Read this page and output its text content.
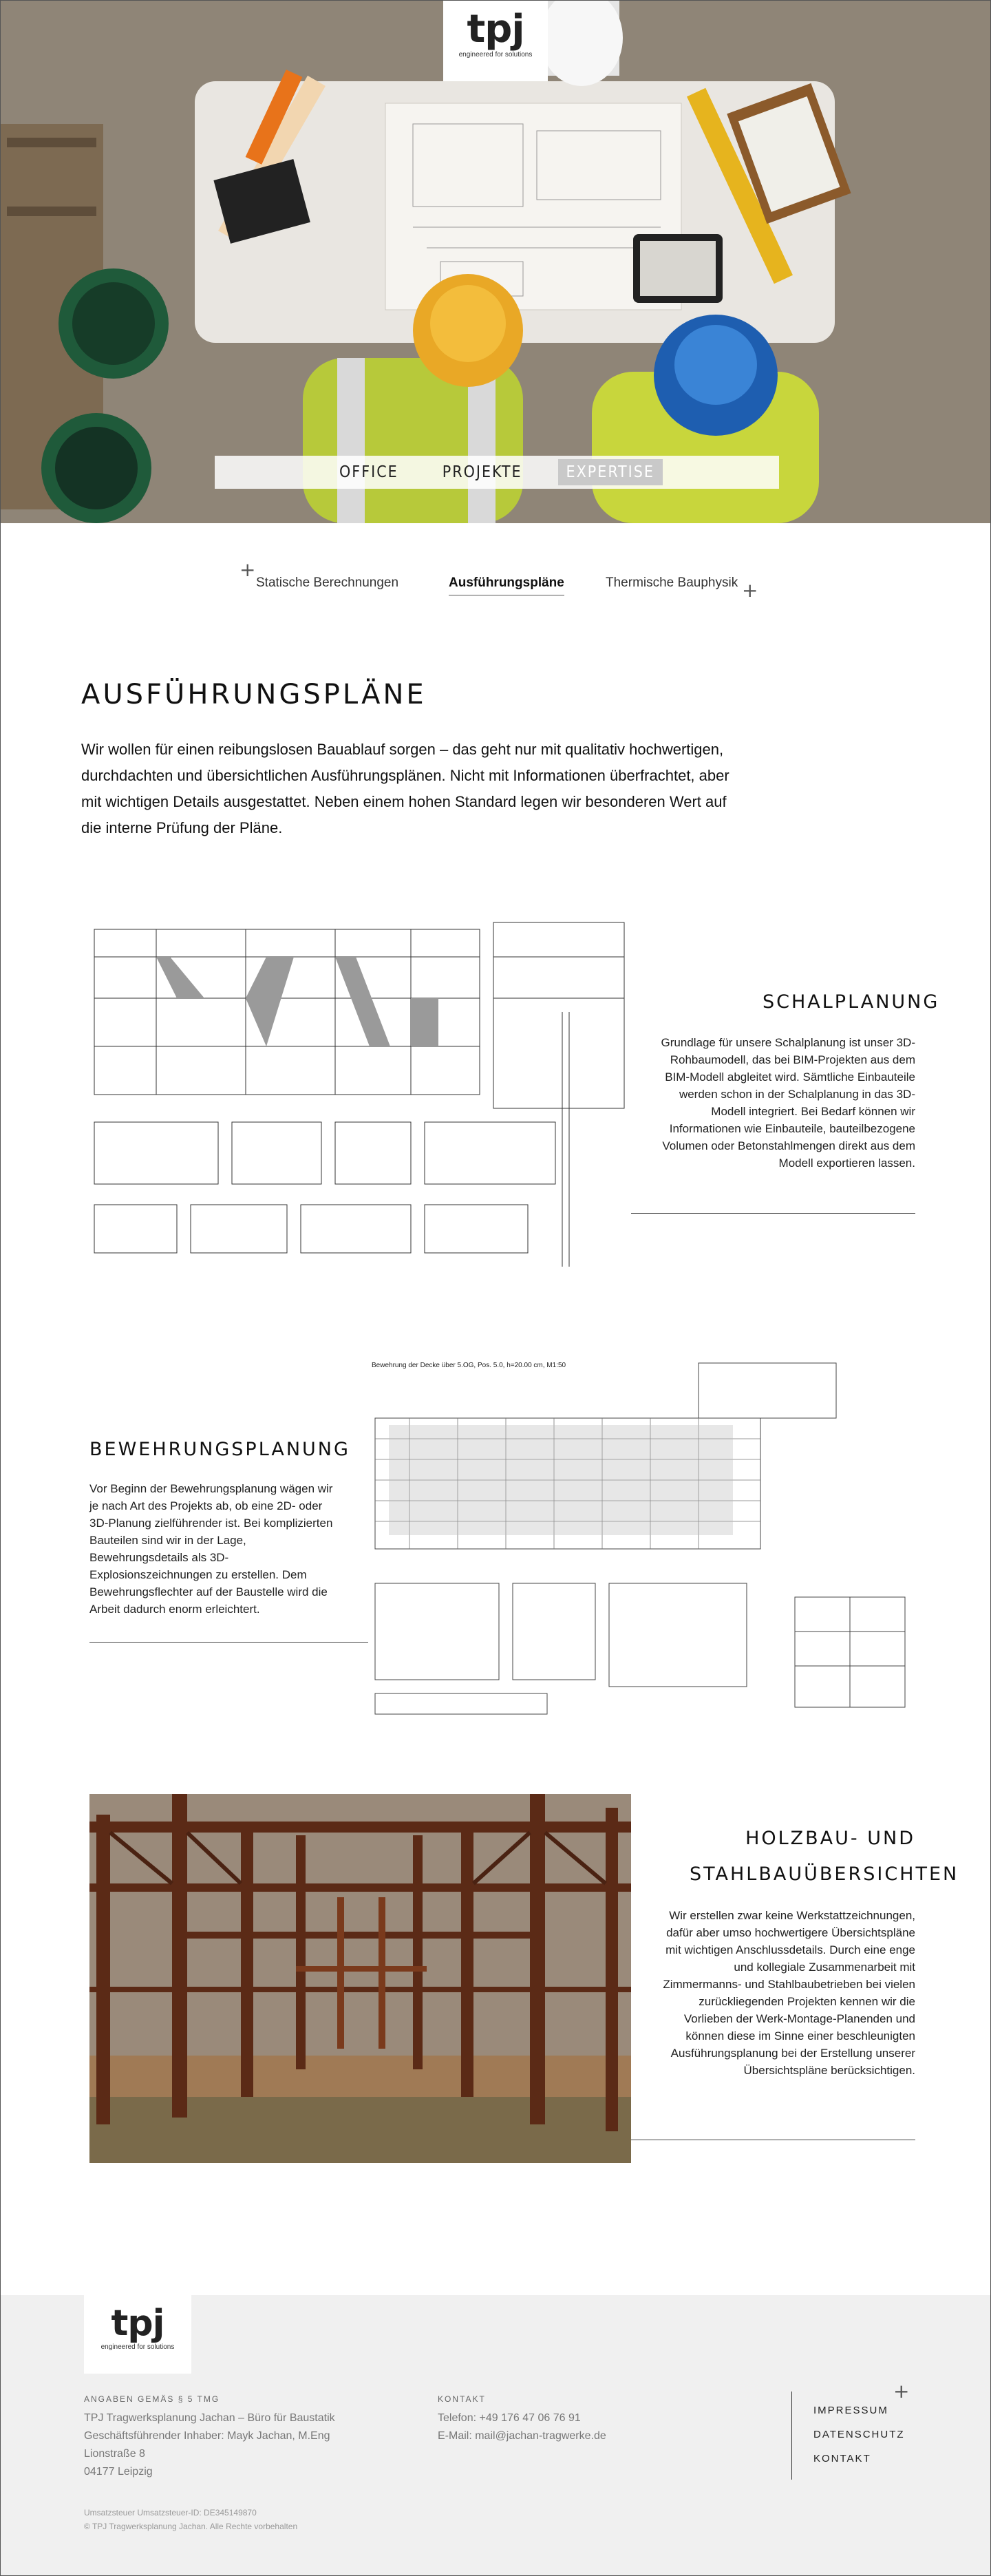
tpj
engineered for solutions
OFFICE	PROJEKTE	EXPERTISE
+
Statische Berechnungen	Ausführungspläne	Thermische Bauphysik +
AUSFÜHRUNGSPLÄNE

Wir wollen für einen reibungslosen Bauablauf sorgen – das geht nur mit qualitativ hochwertigen, durchdachten und übersichtlichen Ausführungsplänen. Nicht mit Informationen überfrachtet, aber mit wichtigen Details ausgestattet. Neben einem hohen Standard legen wir besonderen Wert auf die interne Prüfung der Pläne.

SCHALPLANUNG

Grundlage für unsere Schalplanung ist unser 3D-Rohbaumodell, das bei BIM-Projekten aus dem BIM-Modell abgleitet wird. Sämtliche Einbauteile werden schon in der Schalplanung in das 3D-Modell integriert. Bei Bedarf können wir Informationen wie Einbauteile, bauteilbezogene Volumen oder Betonstahlmengen direkt aus dem Modell exportieren lassen.

Bewehrung der Decke über 5.OG, Pos. 5.0, h=20.00 cm, M1:50
BEWEHRUNGSPLANUNG

Vor Beginn der Bewehrungsplanung wägen wir je nach Art des Projekts ab, ob eine 2D- oder 3D-Planung zielführender ist. Bei komplizierten Bauteilen sind wir in der Lage, Bewehrungsdetails als 3D-Explosionszeichnungen zu erstellen. Dem Bewehrungsflechter auf der Baustelle wird die Arbeit dadurch enorm erleichtert.

HOLZBAU- UND
STAHLBAUÜBERSICHTEN

Wir erstellen zwar keine Werkstattzeichnungen, dafür aber umso hochwertigere Übersichtspläne mit wichtigen Anschlussdetails. Durch eine enge und kollegiale Zusammenarbeit mit Zimmermanns- und Stahlbaubetrieben bei vielen zurückliegenden Projekten kennen wir die Vorlieben der Werk-Montage-Planenden und können diese im Sinne einer beschleunigten Ausführungsplanung bei der Erstellung unserer Übersichtspläne berücksichtigen.

tpj
engineered for solutions
ANGABEN GEMÄS § 5 TMG
TPJ Tragwerksplanung Jachan – Büro für Baustatik
Geschäftsführender Inhaber: Mayk Jachan, M.Eng
Lionstraße 8
04177 Leipzig
KONTAKT
Telefon: +49 176 47 06 76 91
E-Mail: mail@jachan-tragwerke.de
Umsatzsteuer Umsatzsteuer-ID: DE345149870
© TPJ Tragwerksplanung Jachan. Alle Rechte vorbehalten
+
IMPRESSUM
DATENSCHUTZ
KONTAKT
